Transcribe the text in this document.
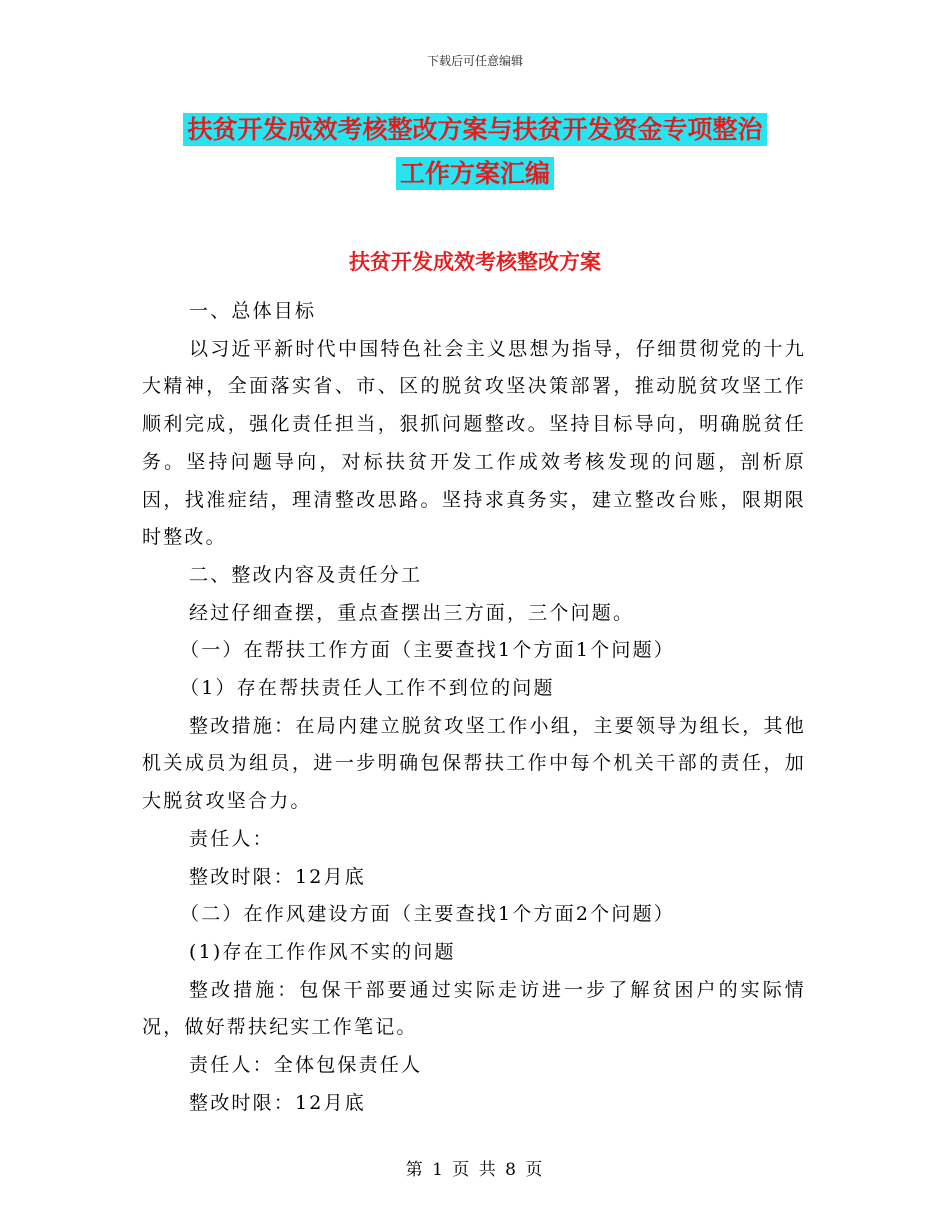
下载后可任意编辑
扶贫开发成效考核整改方案与扶贫开发资金专项整治
工作方案汇编
扶贫开发成效考核整改方案

一、总体目标

以习近平新时代中国特色社会主义思想为指导，仔细贯彻党的十九大精神，全面落实省、市、区的脱贫攻坚决策部署，推动脱贫攻坚工作顺利完成，强化责任担当，狠抓问题整改。坚持目标导向，明确脱贫任务。坚持问题导向，对标扶贫开发工作成效考核发现的问题，剖析原因，找准症结，理清整改思路。坚持求真务实，建立整改台账，限期限时整改。

二、整改内容及责任分工

经过仔细查摆，重点查摆出三方面，三个问题。

（一）在帮扶工作方面（主要查找1个方面1个问题）

（1）存在帮扶责任人工作不到位的问题

整改措施：在局内建立脱贫攻坚工作小组，主要领导为组长，其他机关成员为组员，进一步明确包保帮扶工作中每个机关干部的责任，加大脱贫攻坚合力。

责任人：

整改时限：12月底

（二）在作风建设方面（主要查找1个方面2个问题）

(1)存在工作作风不实的问题

整改措施：包保干部要通过实际走访进一步了解贫困户的实际情况，做好帮扶纪实工作笔记。

责任人：全体包保责任人

整改时限：12月底

第 1 页 共 8 页
